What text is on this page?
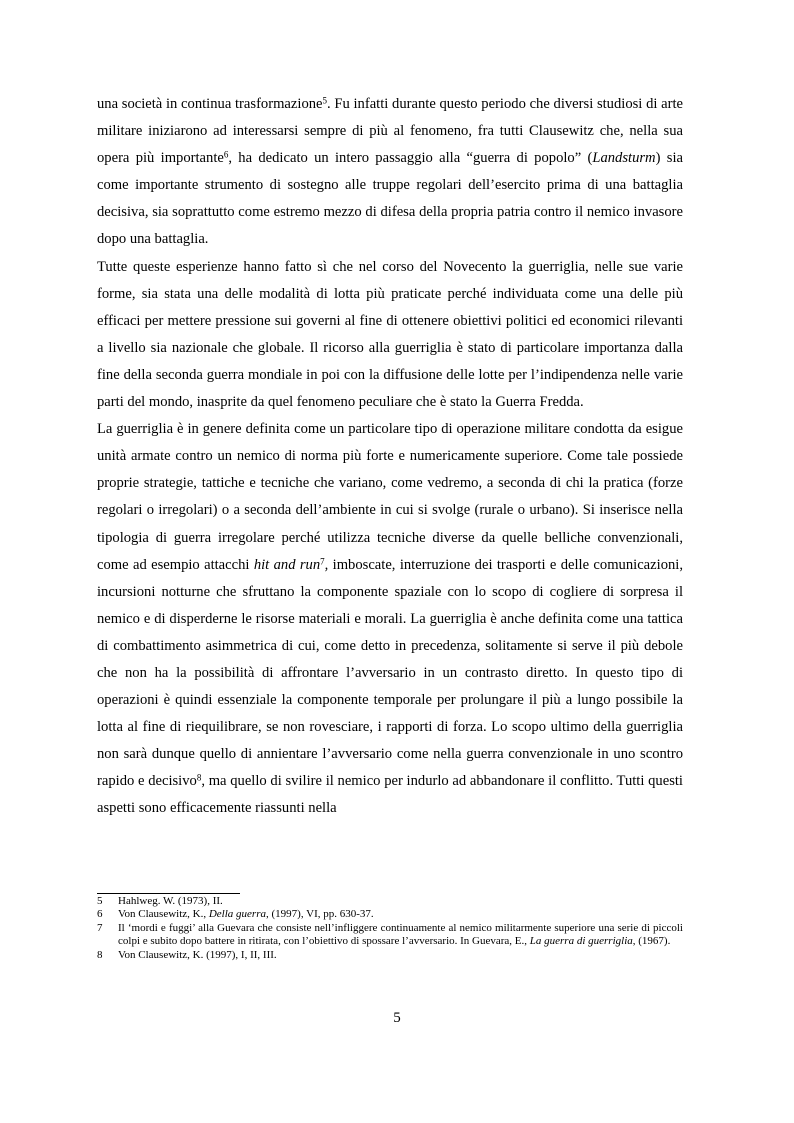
una società in continua trasformazione$^5$. Fu infatti durante questo periodo che diversi studiosi di arte militare iniziarono ad interessarsi sempre di più al fenomeno, fra tutti Clausewitz che, nella sua opera più importante$^6$, ha dedicato un intero passaggio alla “guerra di popolo” (Landsturm) sia come importante strumento di sostegno alle truppe regolari dell’esercito prima di una battaglia decisiva, sia soprattutto come estremo mezzo di difesa della propria patria contro il nemico invasore dopo una battaglia.

Tutte queste esperienze hanno fatto sì che nel corso del Novecento la guerriglia, nelle sue varie forme, sia stata una delle modalità di lotta più praticate perché individuata come una delle più efficaci per mettere pressione sui governi al fine di ottenere obiettivi politici ed economici rilevanti a livello sia nazionale che globale. Il ricorso alla guerriglia è stato di particolare importanza dalla fine della seconda guerra mondiale in poi con la diffusione delle lotte per l’indipendenza nelle varie parti del mondo, inasprite da quel fenomeno peculiare che è stato la Guerra Fredda.

La guerriglia è in genere definita come un particolare tipo di operazione militare condotta da esigue unità armate contro un nemico di norma più forte e numericamente superiore. Come tale possiede proprie strategie, tattiche e tecniche che variano, come vedremo, a seconda di chi la pratica (forze regolari o irregolari) o a seconda dell’ambiente in cui si svolge (rurale o urbano). Si inserisce nella tipologia di guerra irregolare perché utilizza tecniche diverse da quelle belliche convenzionali, come ad esempio attacchi hit and run$^7$, imboscate, interruzione dei trasporti e delle comunicazioni, incursioni notturne che sfruttano la componente spaziale con lo scopo di cogliere di sorpresa il nemico e di disperderne le risorse materiali e morali. La guerriglia è anche definita come una tattica di combattimento asimmetrica di cui, come detto in precedenza, solitamente si serve il più debole che non ha la possibilità di affrontare l’avversario in un contrasto diretto. In questo tipo di operazioni è quindi essenziale la componente temporale per prolungare il più a lungo possibile la lotta al fine di riequilibrare, se non rovesciare, i rapporti di forza. Lo scopo ultimo della guerriglia non sarà dunque quello di annientare l’avversario come nella guerra convenzionale in uno scontro rapido e decisivo$^8$, ma quello di svilire il nemico per indurlo ad abbandonare il conflitto. Tutti questi aspetti sono efficacemente riassunti nella

5 Hahlweg. W. (1973), II.
6 Von Clausewitz, K., Della guerra, (1997), VI, pp. 630-37.
7 Il ‘mordi e fuggi’ alla Guevara che consiste nell’infliggere continuamente al nemico militarmente superiore una serie di piccoli colpi e subito dopo battere in ritirata, con l’obiettivo di spossare l’avversario. In Guevara, E., La guerra di guerriglia, (1967).
8 Von Clausewitz, K. (1997), I, II, III.
5
